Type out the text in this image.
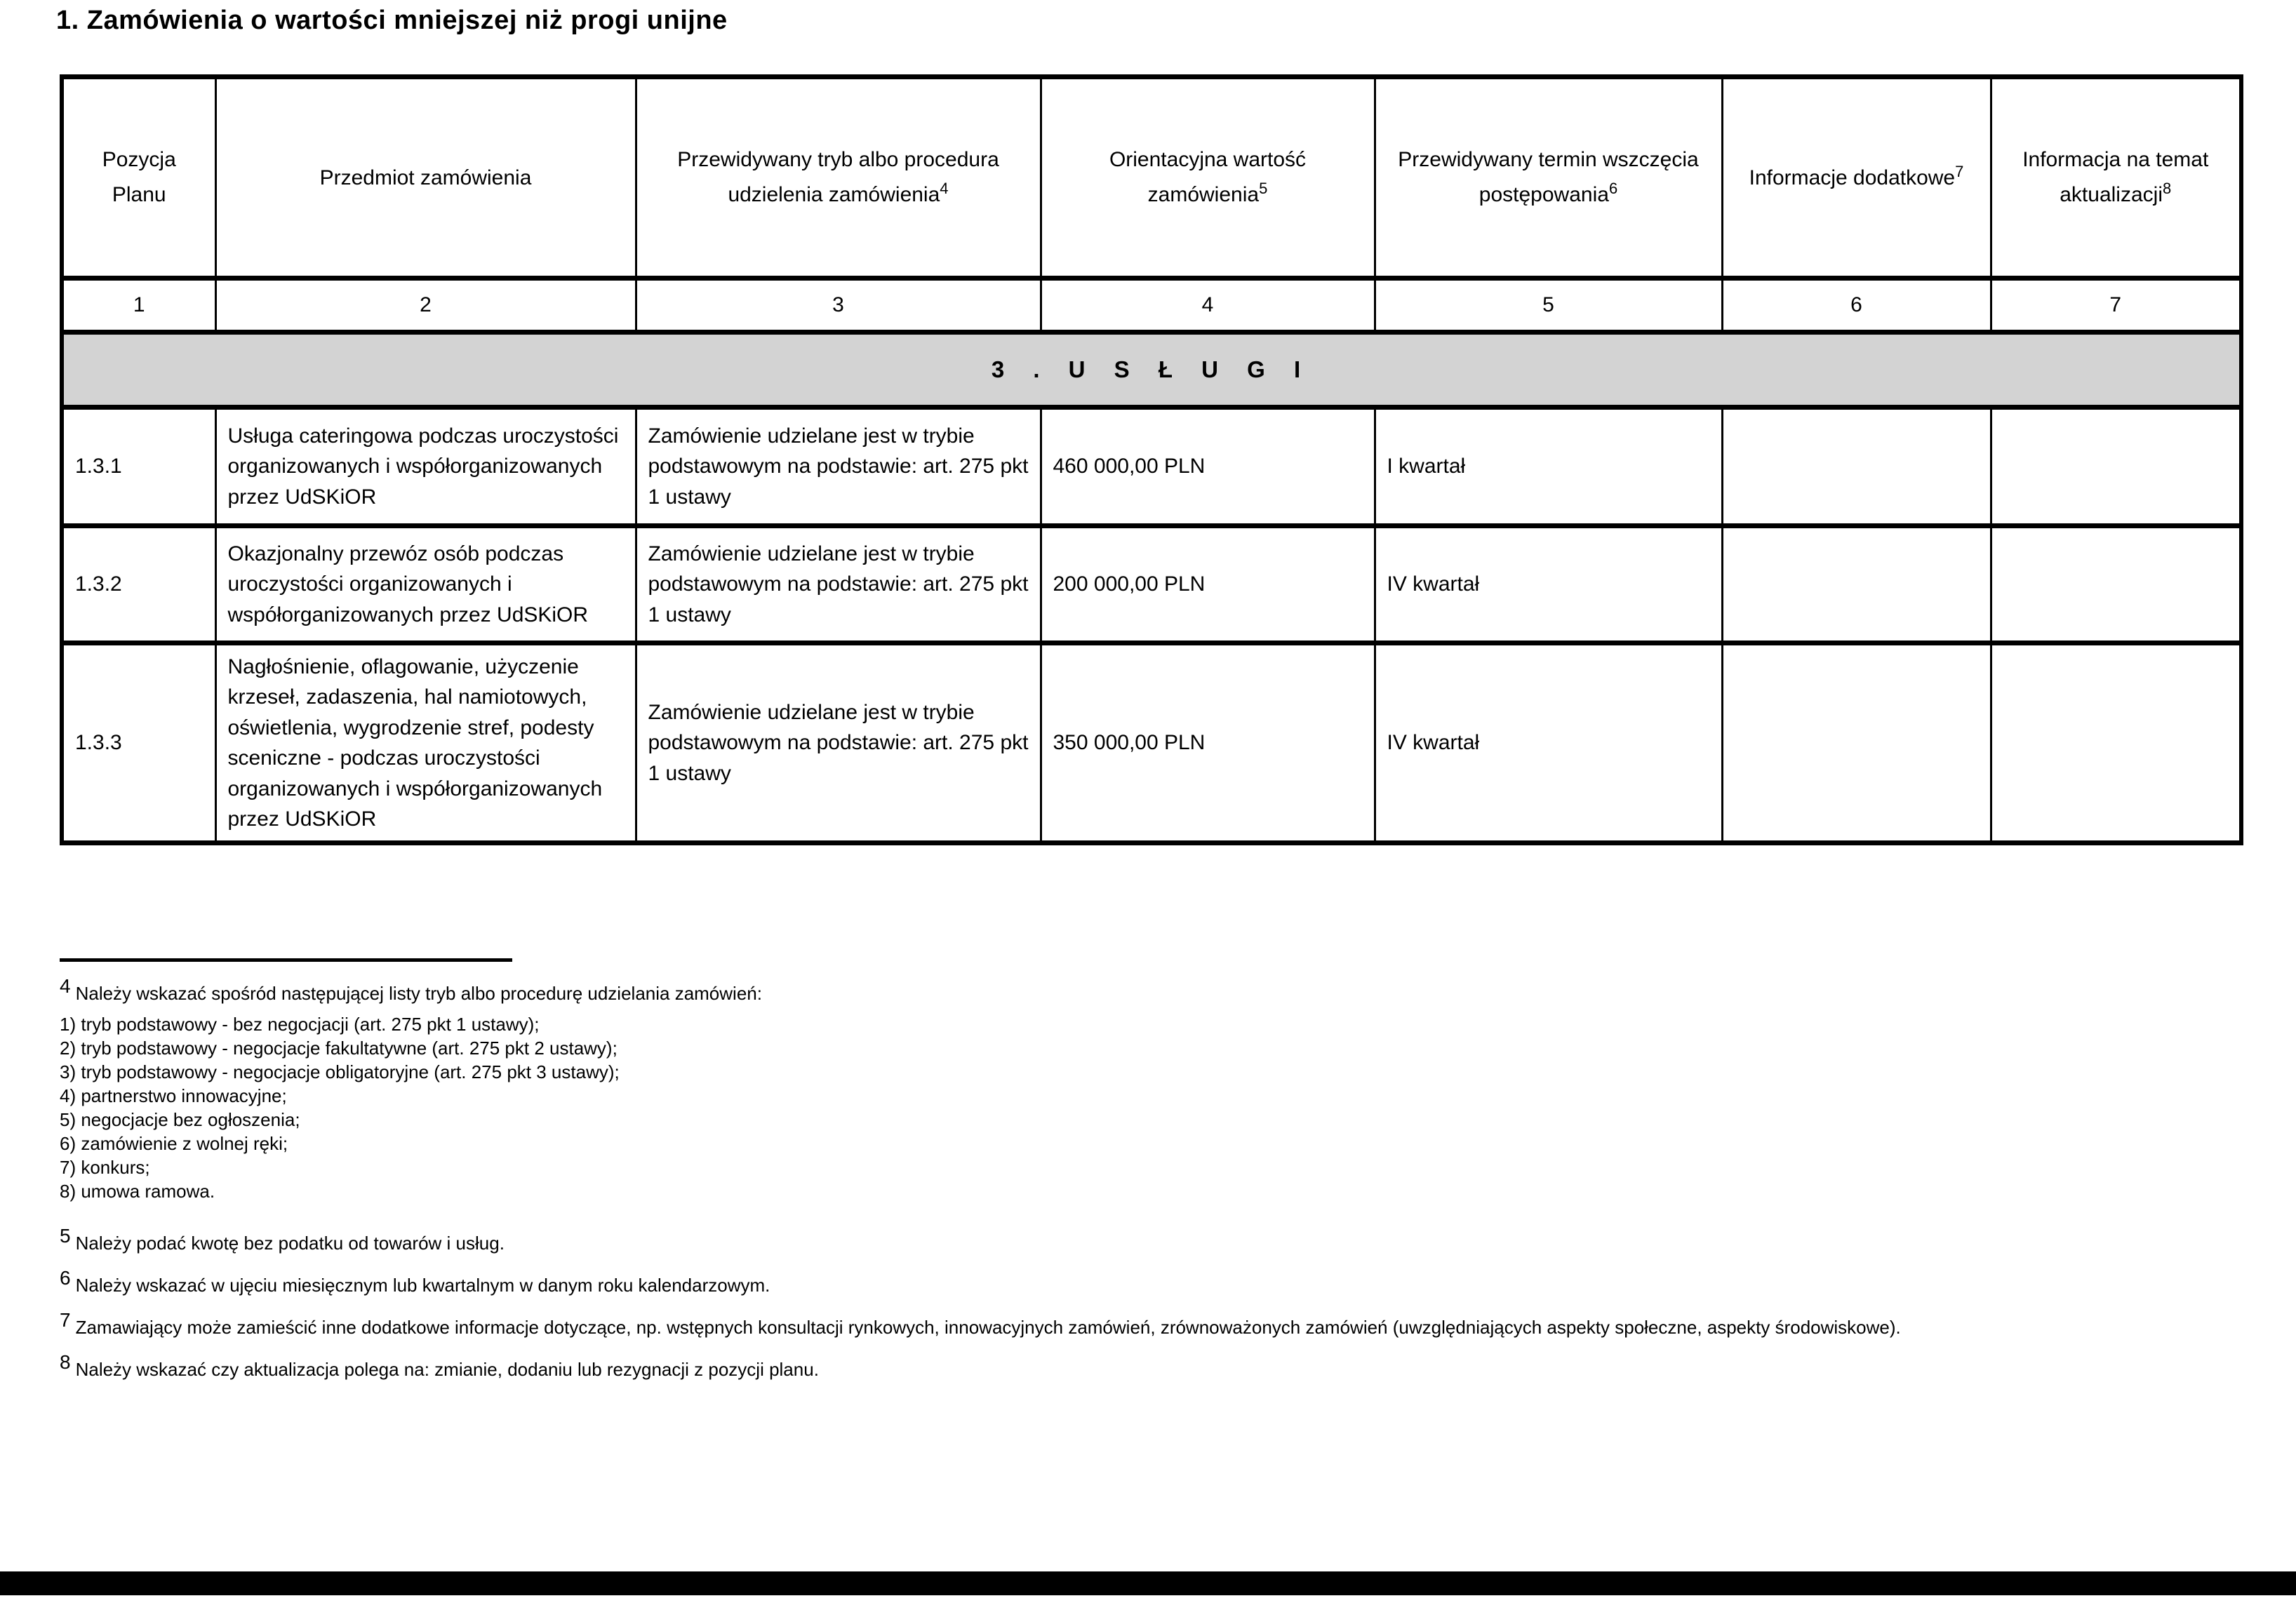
1. Zamówienia o wartości mniejszej niż progi unijne
Pozycja Planu	Przedmiot zamówienia	Przewidywany tryb albo procedura udzielenia zamówienia$^4$	Orientacyjna wartość zamówienia$^5$	Przewidywany termin wszczęcia postępowania$^6$	Informacje dodatkowe$^7$	Informacja na temat aktualizacji$^8$
1	2	3	4	5	6	7
3 . U S Ł U G I						
1.3.1	Usługa cateringowa podczas uroczystości organizowanych i współorganizowanych przez UdSKiOR	Zamówienie udzielane jest w trybie podstawowym na podstawie: art. 275 pkt 1 ustawy	460 000,00 PLN	I kwartał		
1.3.2	Okazjonalny przewóz osób podczas uroczystości organizowanych i współorganizowanych przez UdSKiOR	Zamówienie udzielane jest w trybie podstawowym na podstawie: art. 275 pkt 1 ustawy	200 000,00 PLN	IV kwartał		
1.3.3	Nagłośnienie, oflagowanie, użyczenie krzeseł, zadaszenia, hal namiotowych, oświetlenia, wygrodzenie stref, podesty sceniczne - podczas uroczystości organizowanych i współorganizowanych przez UdSKiOR	Zamówienie udzielane jest w trybie podstawowym na podstawie: art. 275 pkt 1 ustawy	350 000,00 PLN	IV kwartał		
$^4$ Należy wskazać spośród następującej listy tryb albo procedurę udzielania zamówień:
1) tryb podstawowy - bez negocjacji (art. 275 pkt 1 ustawy);
2) tryb podstawowy - negocjacje fakultatywne (art. 275 pkt 2 ustawy);
3) tryb podstawowy - negocjacje obligatoryjne (art. 275 pkt 3 ustawy);
4) partnerstwo innowacyjne;
5) negocjacje bez ogłoszenia;
6) zamówienie z wolnej ręki;
7) konkurs;
8) umowa ramowa.
$^5$ Należy podać kwotę bez podatku od towarów i usług.
$^6$ Należy wskazać w ujęciu miesięcznym lub kwartalnym w danym roku kalendarzowym.
$^7$ Zamawiający może zamieścić inne dodatkowe informacje dotyczące, np. wstępnych konsultacji rynkowych, innowacyjnych zamówień, zrównoważonych zamówień (uwzględniających aspekty społeczne, aspekty środowiskowe).
$^8$ Należy wskazać czy aktualizacja polega na: zmianie, dodaniu lub rezygnacji z pozycji planu.
